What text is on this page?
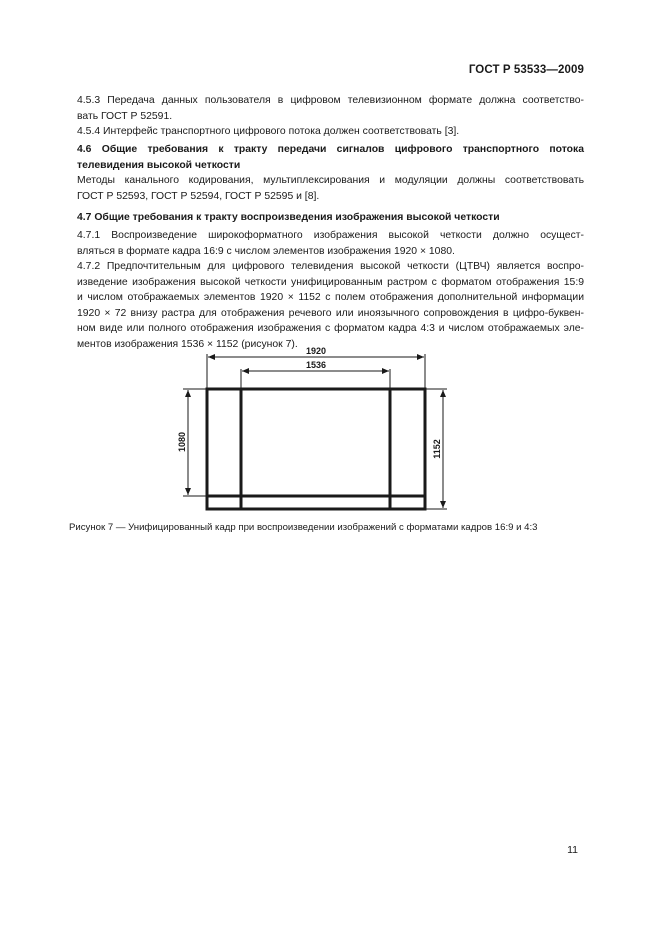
ГОСТ Р 53533—2009
4.5.3 Передача данных пользователя в цифровом телевизионном формате должна соответство-
вать ГОСТ Р 52591.
4.5.4 Интерфейс транспортного цифрового потока должен соответствовать [3].
4.6 Общие требования к тракту передачи сигналов цифрового транспортного потока
телевидения высокой четкости
Методы канального кодирования, мультиплексирования и модуляции должны соответствовать
ГОСТ Р 52593, ГОСТ Р 52594, ГОСТ Р 52595 и [8].
4.7 Общие требования к тракту воспроизведения изображения высокой четкости
4.7.1 Воспроизведение широкоформатного изображения высокой четкости должно осущест-
вляться в формате кадра 16:9 с числом элементов изображения 1920 × 1080.
4.7.2 Предпочтительным для цифрового телевидения высокой четкости (ЦТВЧ) является воспро-
изведение изображения высокой четкости унифицированным растром с форматом отображения 15:9
и числом отображаемых элементов 1920 × 1152 с полем отображения дополнительной информации
1920 × 72 внизу растра для отображения речевого или иноязычного сопровождения в цифро-буквен-
ном виде или полного отображения изображения с форматом кадра 4:3 и числом отображаемых эле-
ментов изображения 1536 × 1152 (рисунок 7).
1920
1536
1080	1152
Рисунок 7 — Унифицированный кадр при воспроизведении изображений с форматами кадров 16:9 и 4:3
11
